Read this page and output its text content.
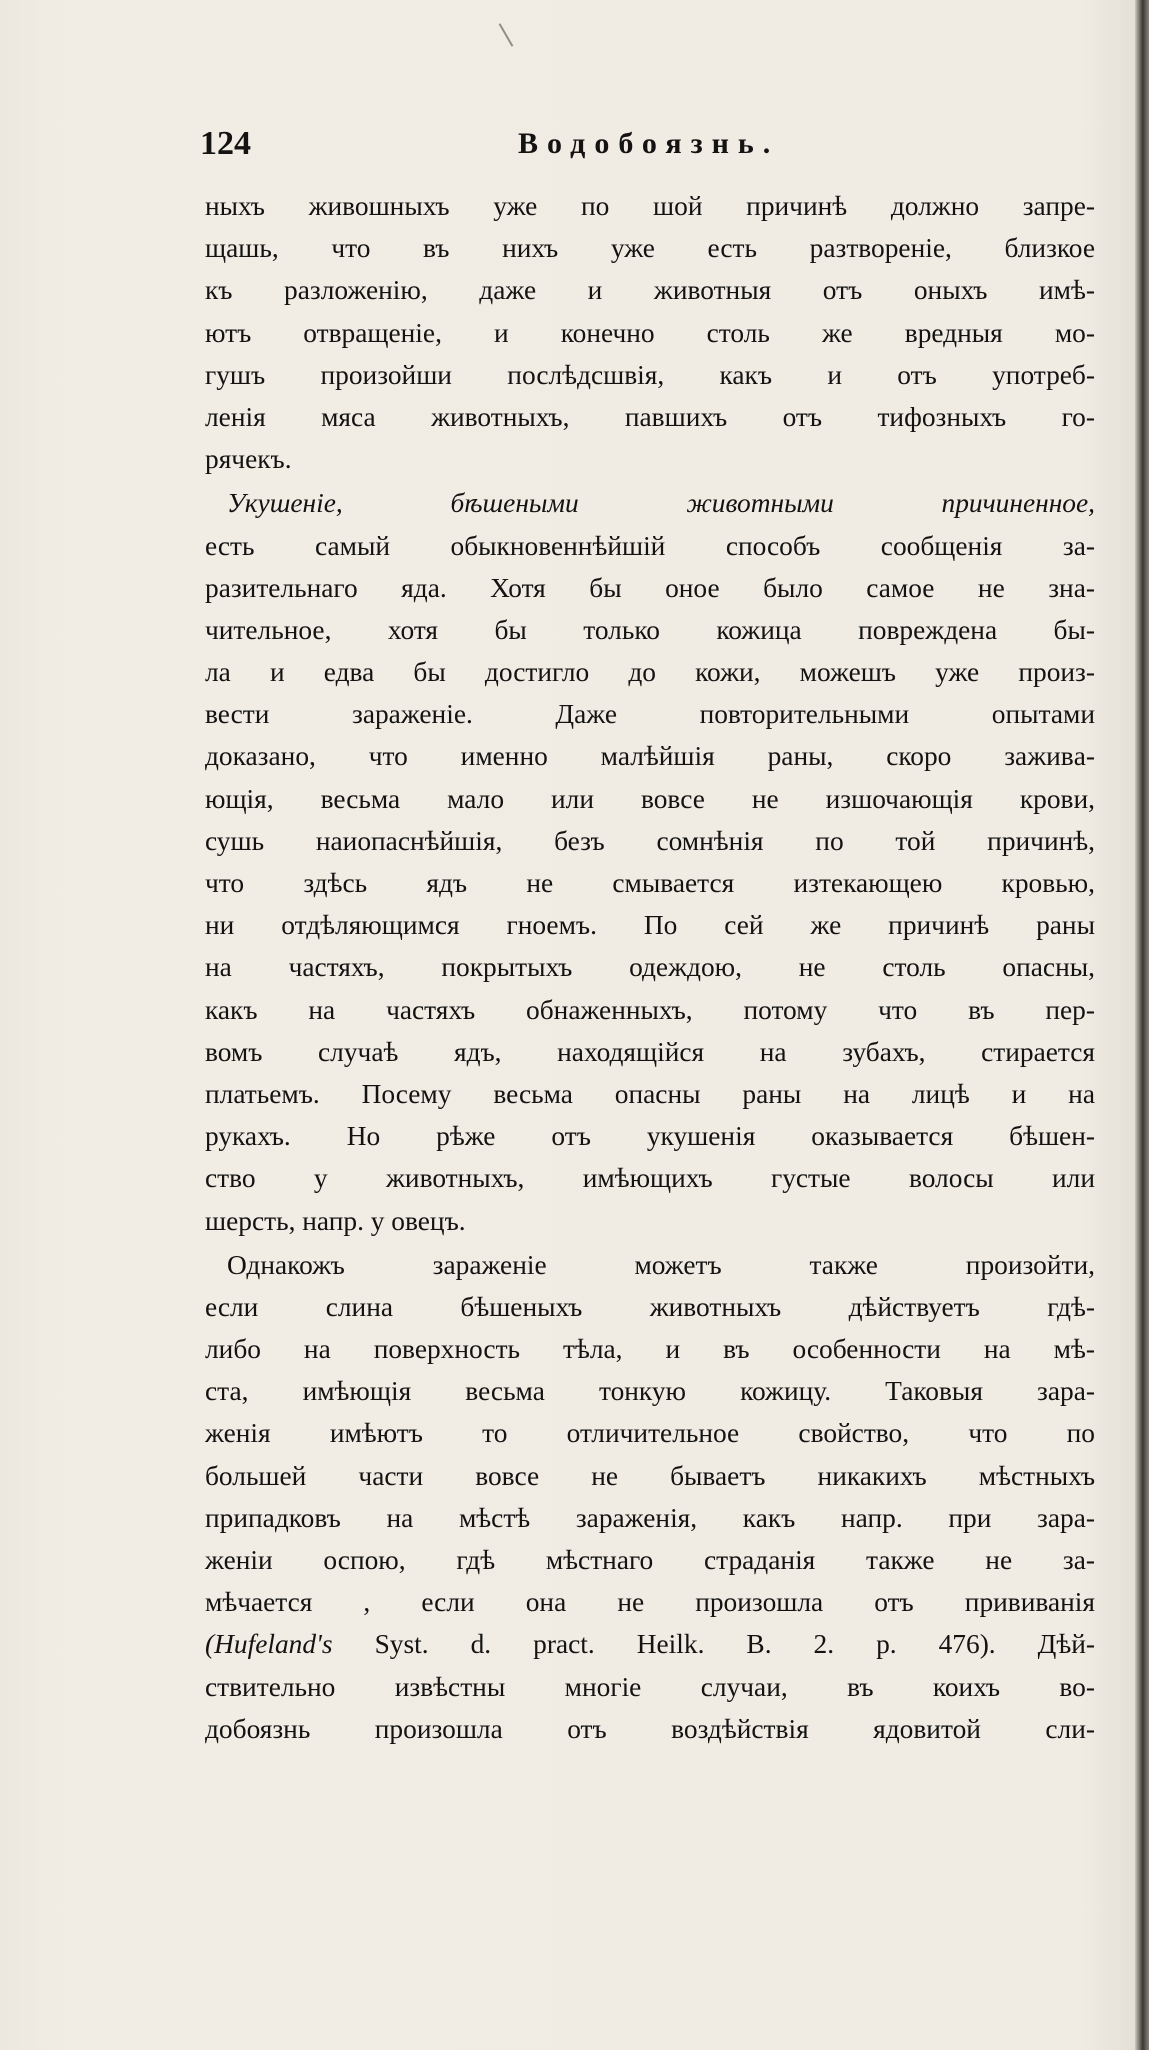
124	Водобоязнь.
ныхъ живошныхъ уже по шой причинѣ должно запре-
щашь, что въ нихъ уже есть разтвореніе, близкое
къ разложенію, даже и животныя отъ оныхъ имѣ-
ютъ отвращеніе, и конечно столь же вредныя мо-
гушъ произойши послѣдсшвія, какъ и отъ употреб-
ленія мяса животныхъ, павшихъ отъ тифозныхъ го-
рячекъ.
Укушеніе,	бѣшеными животными причиненное,
есть самый обыкновеннѣйшій способъ сообщенія за-
разительнаго яда. Хотя бы оное было самое не зна-
чительное, хотя бы только кожица повреждена бы-
ла и едва бы достигло до кожи, можешъ уже произ-
вести зараженіе. Даже повторительными опытами
доказано, что именно малѣйшія раны, скоро заживa-
ющія, весьма мало или вовсе не изшочающія крови,
сушь наиопаснѣйшія, безъ сомнѣнія по той причинѣ,
что здѣсь ядъ не смывается изтекающею кровью,
ни отдѣляющимся гноемъ. По сей же причинѣ раны
на частяхъ, покрытыхъ одеждою, не столь опасны,
какъ на частяхъ обнаженныхъ, потому что въ пер-
вомъ случаѣ ядъ, находящійся на зубахъ, стирается
платьемъ. Посему весьма опасны раны на лицѣ и на
рукахъ. Но рѣже отъ укушенія оказывается бѣшен-
ство у животныхъ, имѣющихъ густые волосы или
шерсть, напр. у овецъ.
Однакожъ зараженіе можетъ также произойти,
если слина бѣшеныхъ животныхъ дѣйствуетъ гдѣ-
либо на поверхность тѣла, и въ особенности на мѣ-
ста, имѣющія весьма тонкую кожицу. Таковыя зара-
женія имѣютъ то отличительное свойство, что по
большей части вовсе не бываетъ никакихъ мѣстныхъ
припадковъ на мѣстѣ зараженія, какъ напр. при зара-
женіи оспою, гдѣ мѣстнаго страданія также не за-
мѣчается , если она не произошла отъ прививанія
(Hufeland's Syst. d. pract. Heilk. B. 2. p. 476). Дѣй-
ствительно извѣстны многіе случаи, въ коихъ во-
добоязнь произошла отъ воздѣйствія ядовитой сли-
